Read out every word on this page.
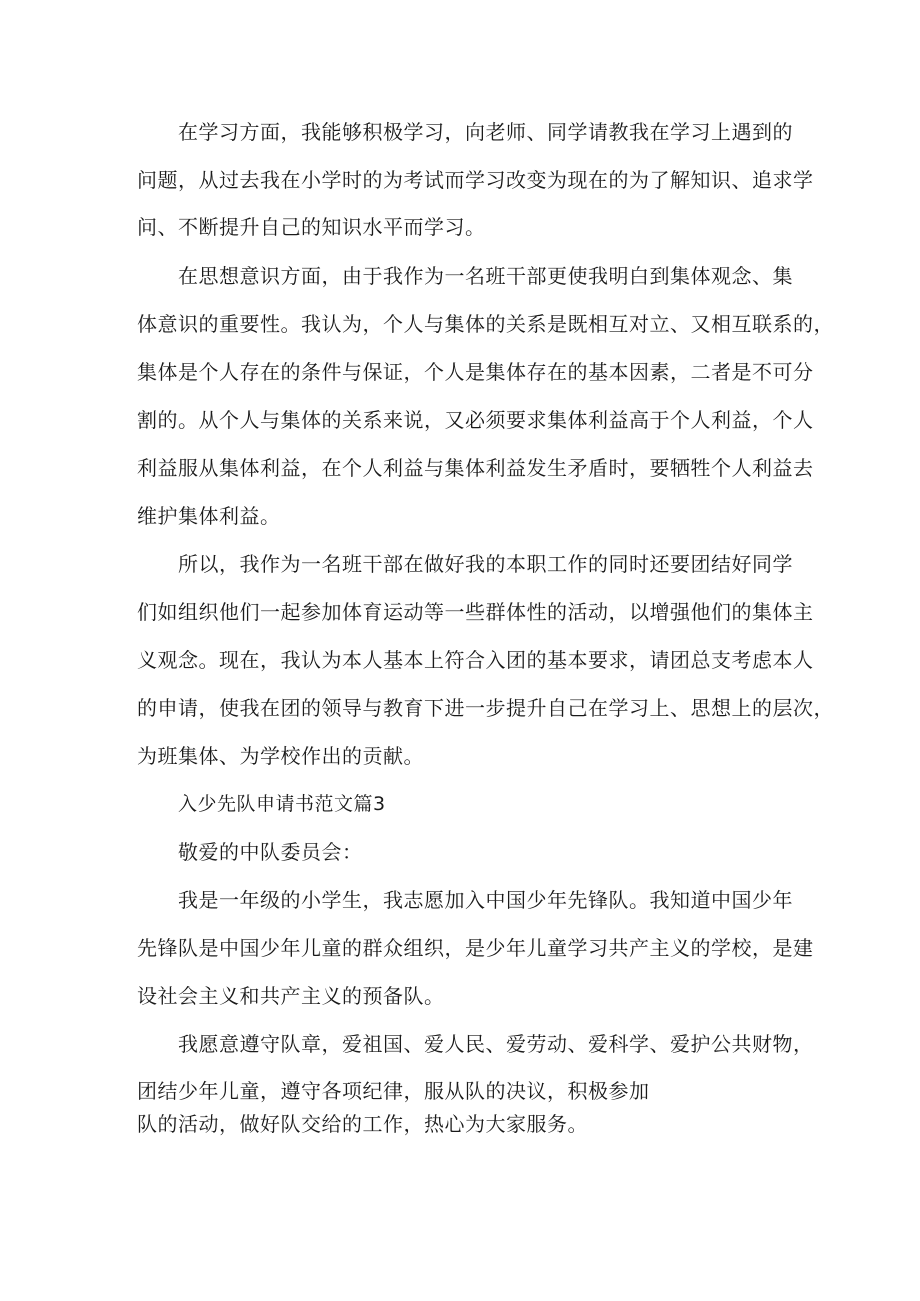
在学习方面，我能够积极学习，向老师、同学请教我在学习上遇到的
问题，从过去我在小学时的为考试而学习改变为现在的为了解知识、追求学
问、不断提升自己的知识水平而学习。
在思想意识方面，由于我作为一名班干部更使我明白到集体观念、集
体意识的重要性。我认为，个人与集体的关系是既相互对立、又相互联系的，
集体是个人存在的条件与保证，个人是集体存在的基本因素，二者是不可分
割的。从个人与集体的关系来说，又必须要求集体利益高于个人利益，个人
利益服从集体利益，在个人利益与集体利益发生矛盾时，要牺牲个人利益去
维护集体利益。
所以，我作为一名班干部在做好我的本职工作的同时还要团结好同学
们如组织他们一起参加体育运动等一些群体性的活动，以增强他们的集体主
义观念。现在，我认为本人基本上符合入团的基本要求，请团总支考虑本人
的申请，使我在团的领导与教育下进一步提升自己在学习上、思想上的层次，
为班集体、为学校作出的贡献。
入少先队申请书范文篇3
敬爱的中队委员会：
我是一年级的小学生，我志愿加入中国少年先锋队。我知道中国少年
先锋队是中国少年儿童的群众组织，是少年儿童学习共产主义的学校，是建
设社会主义和共产主义的预备队。
我愿意遵守队章，爱祖国、爱人民、爱劳动、爱科学、爱护公共财物，
团结少年儿童，遵守各项纪律，服从队的决议，积极参加
队的活动，做好队交给的工作，热心为大家服务。
